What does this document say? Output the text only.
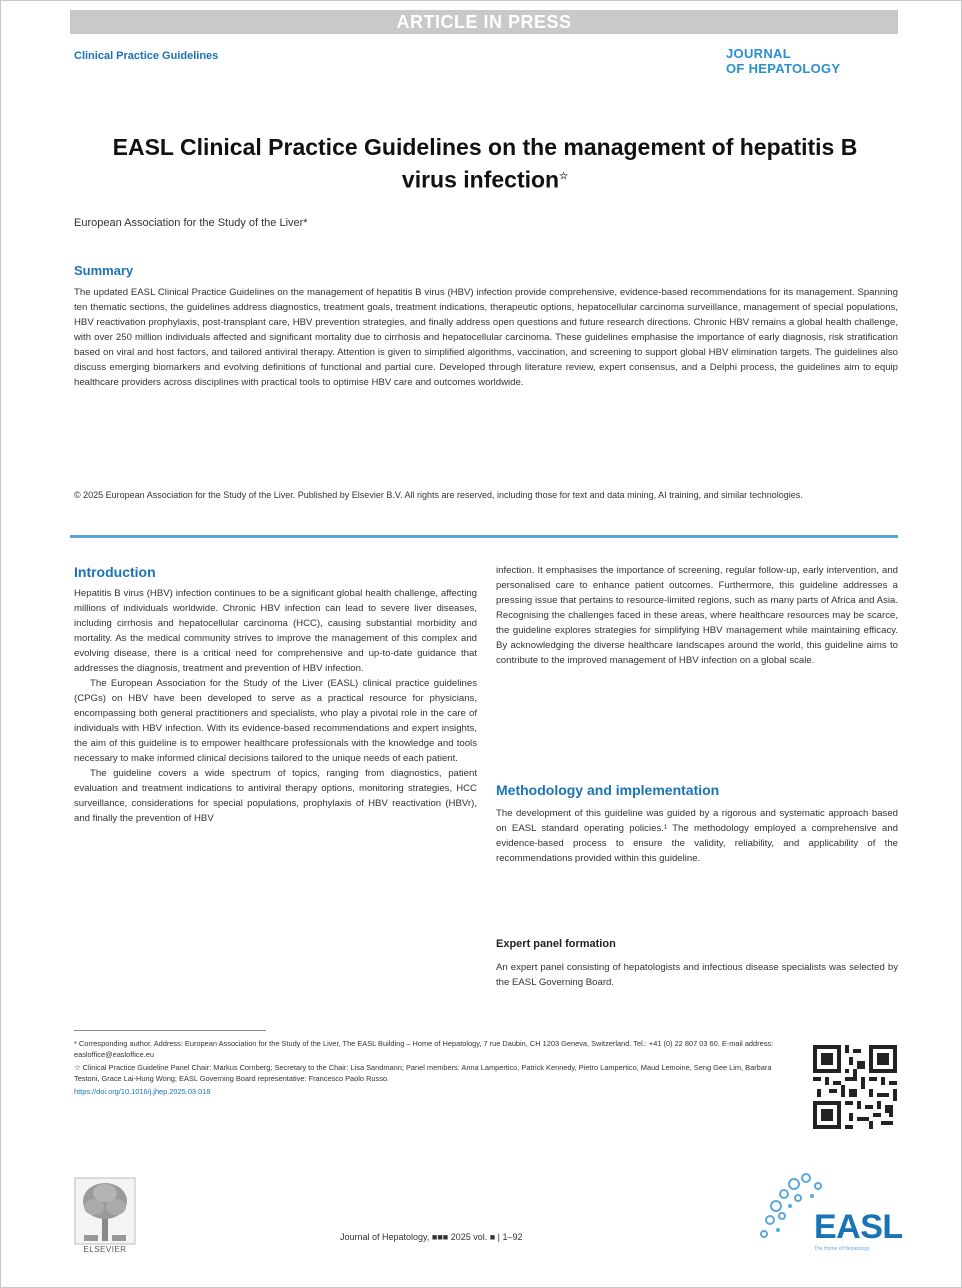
ARTICLE IN PRESS
Clinical Practice Guidelines	JOURNAL
OF HEPATOLOGY
EASL Clinical Practice Guidelines on the management of hepatitis B virus infection☆
European Association for the Study of the Liver*
Summary
The updated EASL Clinical Practice Guidelines on the management of hepatitis B virus (HBV) infection provide comprehensive, evidence-based recommendations for its management. Spanning ten thematic sections, the guidelines address diagnostics, treatment goals, treatment indications, therapeutic options, hepatocellular carcinoma surveillance, management of special populations, HBV reactivation prophylaxis, post-transplant care, HBV prevention strategies, and finally address open questions and future research directions. Chronic HBV remains a global health challenge, with over 250 million individuals affected and significant mortality due to cirrhosis and hepatocellular carcinoma. These guidelines emphasise the importance of early diagnosis, risk stratification based on viral and host factors, and tailored antiviral therapy. Attention is given to simplified algorithms, vaccination, and screening to support global HBV elimination targets. The guidelines also discuss emerging biomarkers and evolving definitions of functional and partial cure. Developed through literature review, expert consensus, and a Delphi process, the guidelines aim to equip healthcare providers across disciplines with practical tools to optimise HBV care and outcomes worldwide.
© 2025 European Association for the Study of the Liver. Published by Elsevier B.V. All rights are reserved, including those for text and data mining, AI training, and similar technologies.
Introduction

Hepatitis B virus (HBV) infection continues to be a significant global health challenge, affecting millions of individuals worldwide. Chronic HBV infection can lead to severe liver diseases, including cirrhosis and hepatocellular carcinoma (HCC), causing substantial morbidity and mortality. As the medical community strives to improve the management of this complex and evolving disease, there is a critical need for comprehensive and up-to-date guidance that addresses the diagnosis, treatment and prevention of HBV infection.

The European Association for the Study of the Liver (EASL) clinical practice guidelines (CPGs) on HBV have been developed to serve as a practical resource for physicians, encompassing both general practitioners and specialists, who play a pivotal role in the care of individuals with HBV infection. With its evidence-based recommendations and expert insights, the aim of this guideline is to empower healthcare professionals with the knowledge and tools necessary to make informed clinical decisions tailored to the unique needs of each patient.

The guideline covers a wide spectrum of topics, ranging from diagnostics, patient evaluation and treatment indications to antiviral therapy options, monitoring strategies, HCC surveillance, considerations for special populations, prophylaxis of HBV reactivation (HBVr), and finally the prevention of HBV

infection. It emphasises the importance of screening, regular follow-up, early intervention, and personalised care to enhance patient outcomes. Furthermore, this guideline addresses a pressing issue that pertains to resource-limited regions, such as many parts of Africa and Asia. Recognising the challenges faced in these areas, where healthcare resources may be scarce, the guideline explores strategies for simplifying HBV management while maintaining efficacy. By acknowledging the diverse healthcare landscapes around the world, this guideline aims to contribute to the improved management of HBV infection on a global scale.

Methodology and implementation

The development of this guideline was guided by a rigorous and systematic approach based on EASL standard operating policies.¹ The methodology employed a comprehensive and evidence-based process to ensure the validity, reliability, and applicability of the recommendations provided within this guideline.

Expert panel formation

An expert panel consisting of hepatologists and infectious disease specialists was selected by the EASL Governing Board.

* Corresponding author. Address: European Association for the Study of the Liver, The EASL Building – Home of Hepatology, 7 rue Daubin, CH 1203 Geneva, Switzerland. Tel.: +41 (0) 22 807 03 60. E-mail address: easloffice@easloffice.eu

☆ Clinical Practice Guideline Panel Chair: Markus Cornberg; Secretary to the Chair: Lisa Sandmann; Panel members: Anna Lampertico, Patrick Kennedy, Pietro Lampertico, Maud Lemoine, Seng Gee Lim, Barbara Testoni, Grace Lai-Hung Wong; EASL Governing Board representative: Francesco Paolo Russo.

https://doi.org/10.1016/j.jhep.2025.03.018

ELSEVIER
Journal of Hepatology, ■■■ 2025 vol. ■ | 1–92	EASL
The Home of Hepatology
